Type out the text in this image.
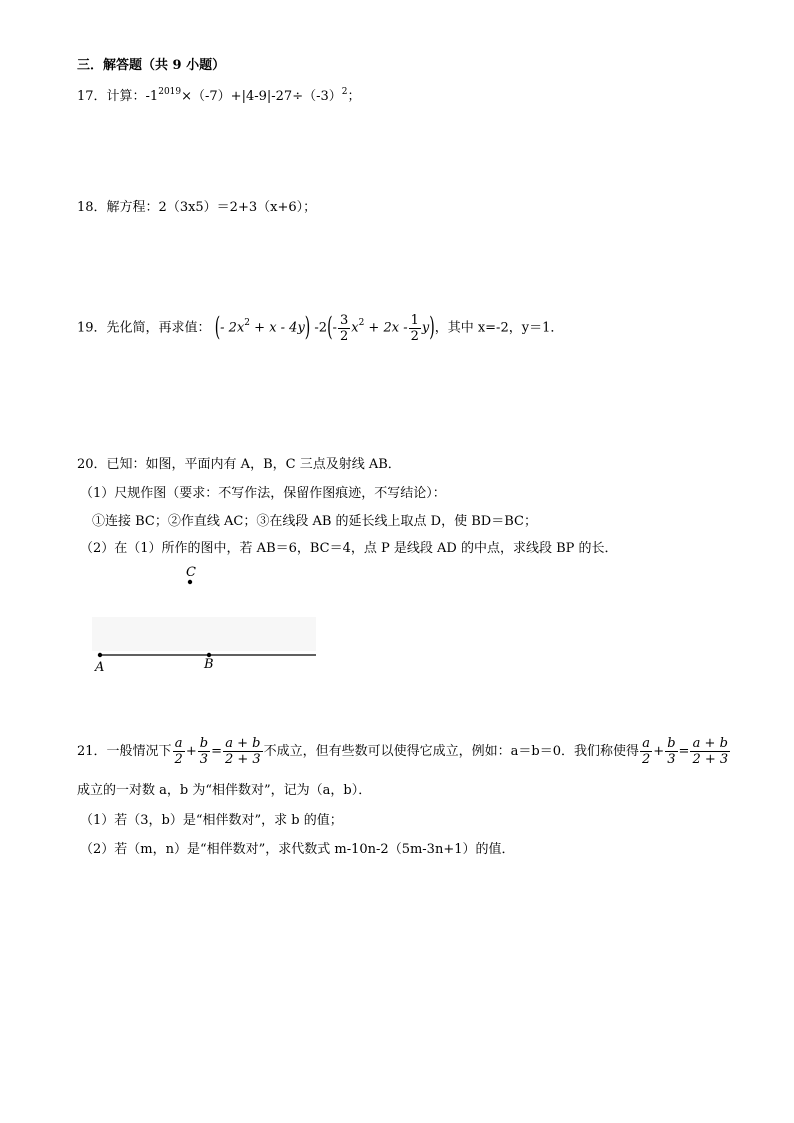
三．解答题（共 9 小题）
17．计算：$-1^{2019}\times(-7)+|4-9|-27\div(-3)^2$；
18．解方程：2（3x5）＝2+3（x+6）；
19．先化简，再求值： (- $2x^2 + x - 4y$) $-2(- \frac{3}{2} x^2 + 2x - \frac{1}{2} y)$，其中 x=-2，y＝1．
20．已知：如图，平面内有 A，B，C 三点及射线 AB．
（1）尺规作图（要求：不写作法，保留作图痕迹，不写结论）：
①连接 BC；②作直线 AC；③在线段 AB 的延长线上取点 D，使 BD＝BC；
（2）在（1）所作的图中，若 AB＝6，BC＝4，点 P 是线段 AD 的中点，求线段 BP 的长．
C
A	B
21．一般情况下 $\frac{a}{2} + \frac{b}{3} = \frac{a + b}{2 + 3}$ 不成立，但有些数可以使得它成立，例如：a＝b＝0．我们称使得 $\frac{a}{2} + \frac{b}{3} = \frac{a + b}{2 + 3}$
成立的一对数 a，b 为“相伴数对”，记为（a，b）．
（1）若（3，b）是“相伴数对”，求 b 的值；
（2）若（m，n）是“相伴数对”，求代数式 m-10n-2（5m-3n+1）的值．
